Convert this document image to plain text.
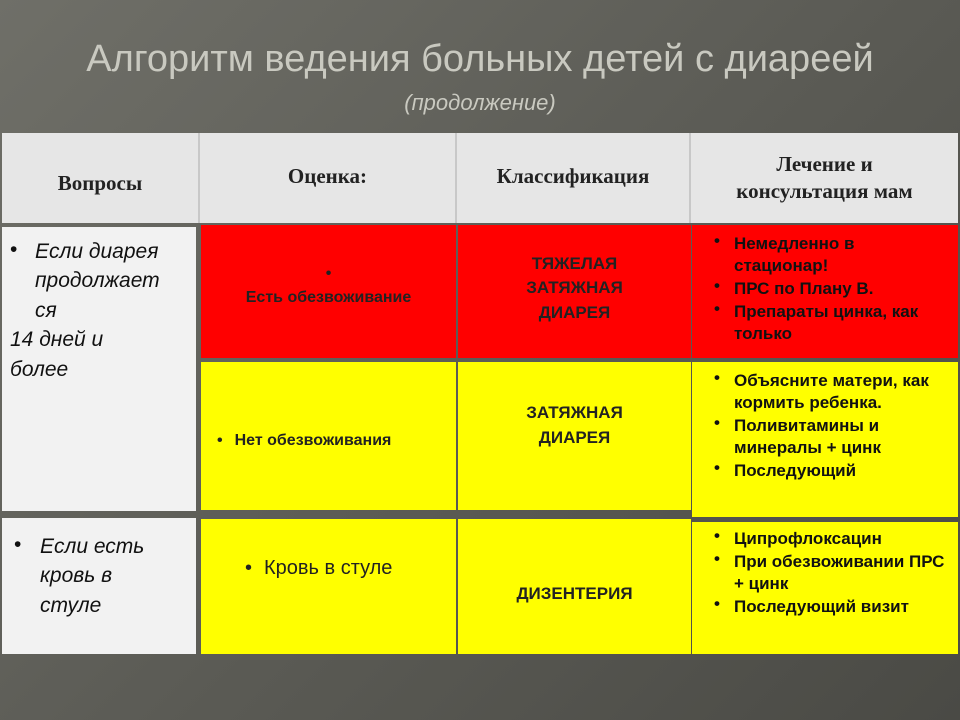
Алгоритм ведения больных детей с диареей
(продолжение)
Вопросы	Оценка:	Классификация
Лечение и
консультация мам
• Если диарея
продолжает
ся
14 дней и
более
• Если есть
кровь в
стуле
•
Есть обезвоживание
ТЯЖЕЛАЯ ЗАТЯЖНАЯ ДИАРЕЯ
• Немедленно в стационар!
• ПРС по Плану В.
• Препараты цинка, как только
• Нет обезвоживания
ЗАТЯЖНАЯ ДИАРЕЯ
• Объясните матери, как кормить ребенка.
• Поливитамины и минералы + цинк
• Последующий
• Кровь в стуле
ДИЗЕНТЕРИЯ
• Ципрофлоксацин
• При обезвоживании ПРС + цинк
• Последующий визит
